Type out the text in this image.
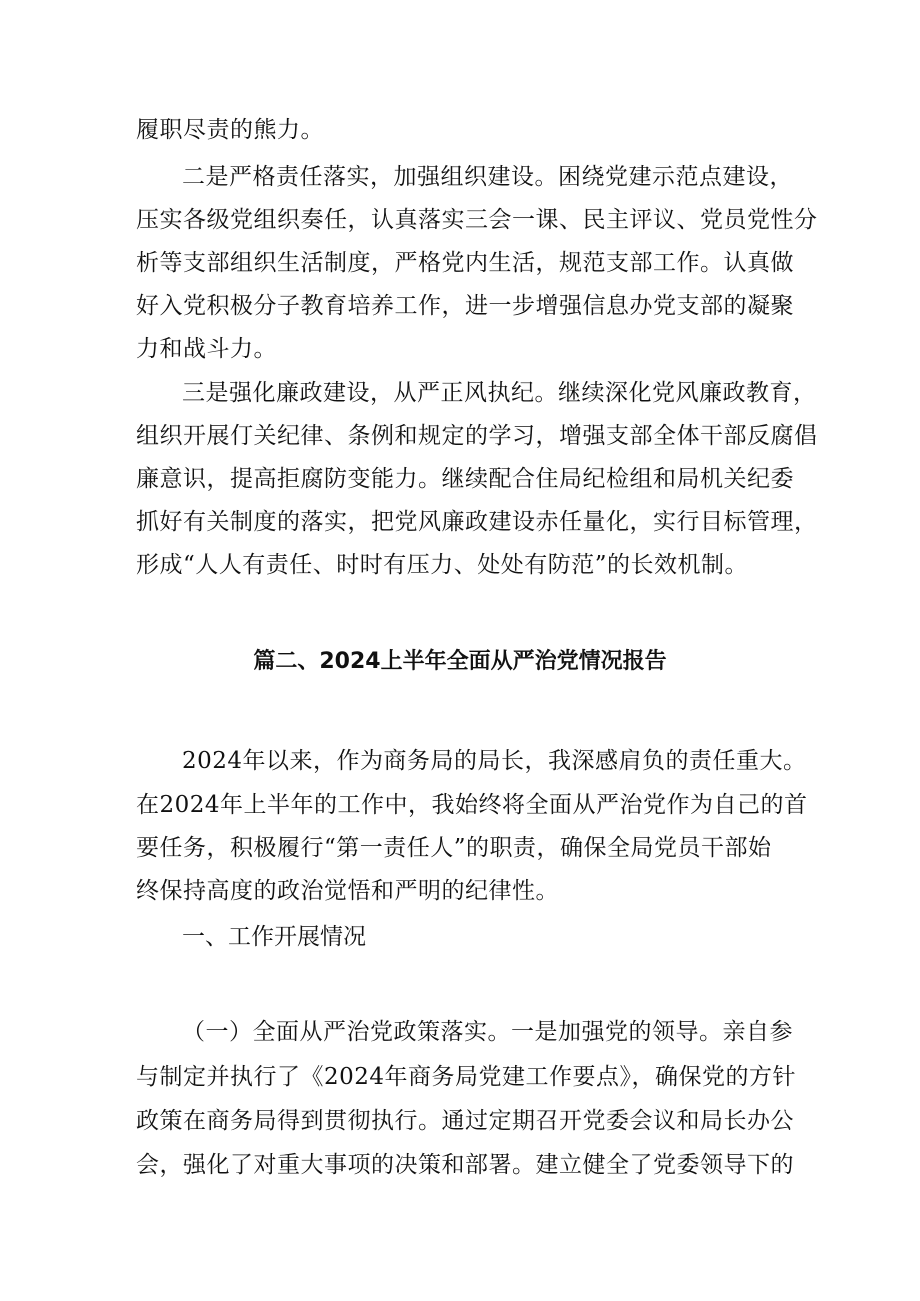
履职尽责的熊力。
二是严格责任落实，加强组织建设。困绕党建示范点建设，
压实各级党组织奏任，认真落实三会一课、民主评议、党员党性分
析等支部组织生活制度，严格党内生活，规范支部工作。认真做
好入党积极分子教育培养工作，进一步增强信息办党支部的凝聚
力和战斗力。
三是强化廉政建设，从严正风执纪。继续深化党风廉政教育，
组织开展仃关纪律、条例和规定的学习，增强支部全体干部反腐倡
廉意识，提高拒腐防变能力。继续配合住局纪检组和局机关纪委
抓好有关制度的落实，把党风廉政建设赤任量化，实行目标管理，
形成“人人有责任、时时有压力、处处有防范”的长效机制。
篇二、2024上半年全面从严治党情况报告
2024年以来，作为商务局的局长，我深感肩负的责任重大。
在2024年上半年的工作中，我始终将全面从严治党作为自己的首
要任务，积极履行“第一责任人”的职责，确保全局党员干部始
终保持高度的政治觉悟和严明的纪律性。
一、工作开展情况
（一）全面从严治党政策落实。一是加强党的领导。亲自参
与制定并执行了《2024年商务局党建工作要点》，确保党的方针
政策在商务局得到贯彻执行。通过定期召开党委会议和局长办公
会，强化了对重大事项的决策和部署。建立健全了党委领导下的
